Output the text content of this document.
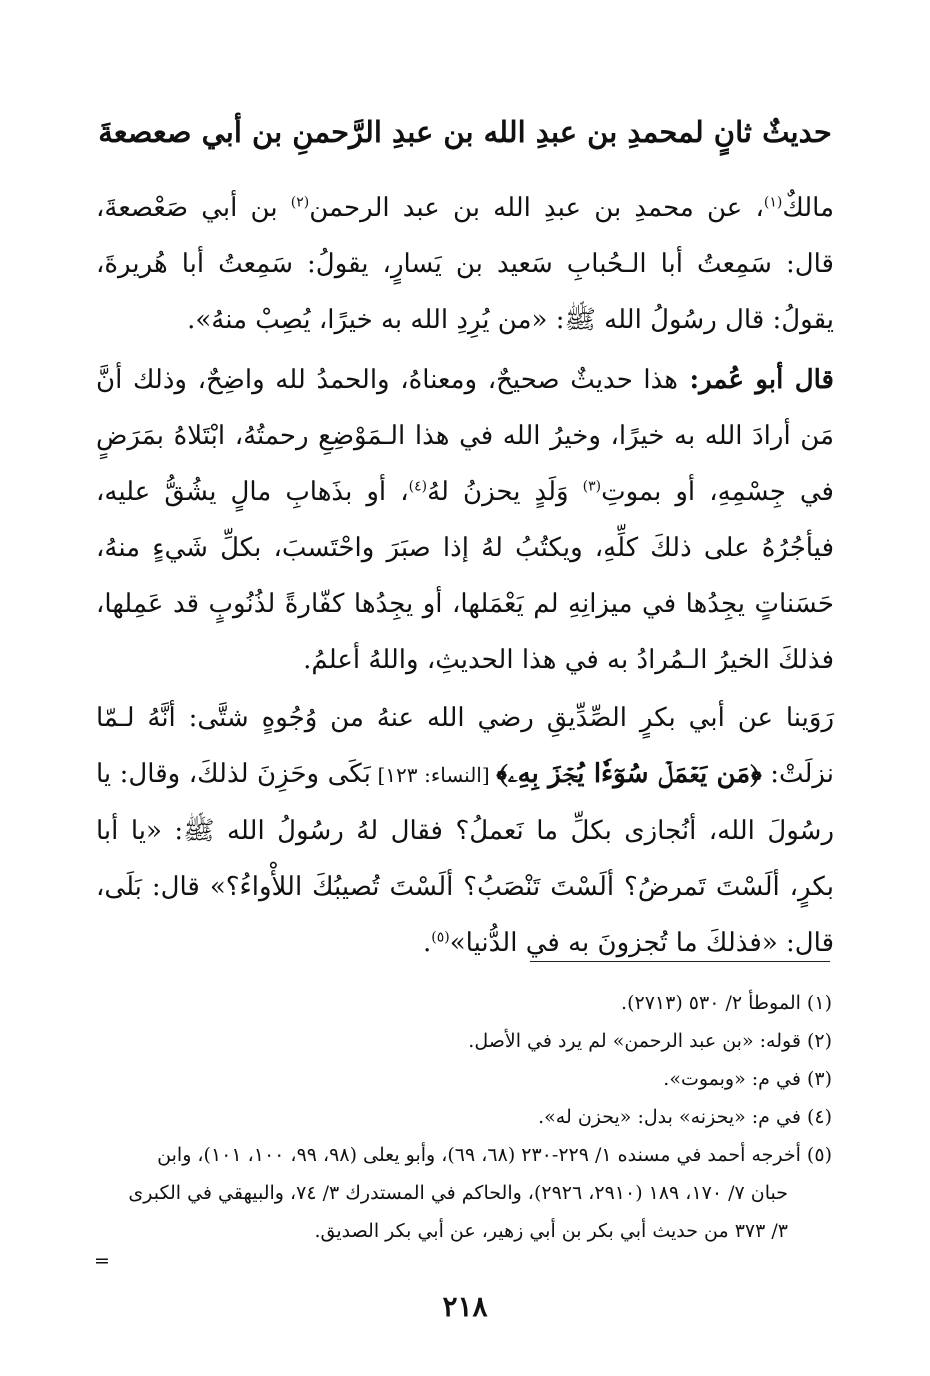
حديثٌ ثانٍ لمحمدِ بن عبدِ الله بن عبدِ الرَّحمنِ بن أبي صعصعةَ
مالكٌ$^{(١)}$، عن محمدِ بن عبدِ الله بن عبد الرحمن$^{(٢)}$ بن أبي صَعْصعةَ، قال: سَمِعتُ أبا الـحُبابِ سَعيد بن يَسارٍ، يقولُ: سَمِعتُ أبا هُريرةَ، يقولُ: قال رسُولُ الله ﷺ: «من يُرِدِ الله به خيرًا، يُصِبْ منهُ».
قال أبو عُمر: هذا حديثٌ صحيحٌ، ومعناهُ، والحمدُ لله واضِحٌ، وذلك أنَّ مَن أرادَ الله به خيرًا، وخيرُ الله في هذا الـمَوْضِعِ رحمتُهُ، ابْتَلاهُ بمَرَضٍ في جِسْمِهِ، أو بموتِ$^{(٣)}$ وَلَدٍ يحزنُ لهُ$^{(٤)}$، أو بذَهابِ مالٍ يشُقُّ عليه، فيأجُرُهُ على ذلكَ كلِّهِ، ويكتُبُ لهُ إذا صبَرَ واحْتَسبَ، بكلِّ شَيءٍ منهُ، حَسَناتٍ يجِدُها في ميزانِهِ لم يَعْمَلها، أو يجِدُها كفّارةً لذُنُوبٍ قد عَمِلها، فذلكَ الخيرُ الـمُرادُ به في هذا الحديثِ، واللهُ أعلمُ.
رَوَينا عن أبي بكرٍ الصِّدِّيقِ رضي الله عنهُ من وُجُوهٍ شتَّى: أنَّهُ لـمّا نزلَتْ: ﴿مَن يَعۡمَلۡ سُوٓءٗا يُجۡزَ بِهِۦ﴾ [النساء: ١٢٣] بَكَى وحَزِنَ لذلكَ، وقال: يا رسُولَ الله، أنُجازى بكلِّ ما نَعملُ؟ فقال لهُ رسُولُ الله ﷺ: «يا أبا بكرٍ، ألَسْتَ تَمرضُ؟ ألَسْتَ تَنْصَبُ؟ ألَسْتَ تُصيبُكَ اللأْواءُ؟» قال: بَلَى، قال: «فذلكَ ما تُجزونَ به في الدُّنيا»$^{(٥)}$.
(١) الموطأ ٢/ ٥٣٠ (٢٧١٣).
(٢) قوله: «بن عبد الرحمن» لم يرد في الأصل.
(٣) في م: «وبموت».
(٤) في م: «يحزنه» بدل: «يحزن له».
(٥) أخرجه أحمد في مسنده ١/ ٢٢٩-٢٣٠ (٦٨، ٦٩)، وأبو يعلى (٩٨، ٩٩، ١٠٠، ١٠١)، وابن
حبان ٧/ ١٧٠، ١٨٩ (٢٩١٠، ٢٩٢٦)، والحاكم في المستدرك ٣/ ٧٤، والبيهقي في الكبرى
٣/ ٣٧٣ من حديث أبي بكر بن أبي زهير، عن أبي بكر الصديق.
=
٢١٨
